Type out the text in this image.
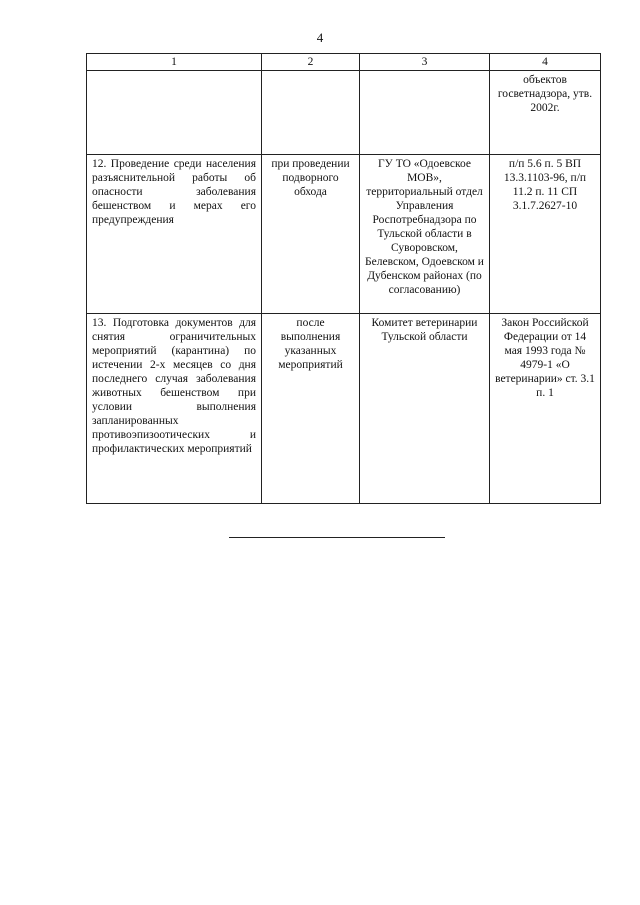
4
1	2	3	4
			объектов госветнадзора, утв. 2002г.
12. Проведение среди населения разъяснительной работы об опасности заболевания бешенством и мерах его предупреждения	при проведении подворного обхода	ГУ ТО «Одоевское МОВ», территориальный отдел Управления Роспотребнадзора по Тульской области в Суворовском, Белевском, Одоевском и Дубенском районах (по согласованию)	п/п 5.6 п. 5 ВП 13.3.1103-96, п/п 11.2 п. 11 СП 3.1.7.2627-10
13. Подготовка документов для снятия ограничительных мероприятий (карантина) по истечении 2-х месяцев со дня последнего случая заболевания животных бешенством при условии выполнения запланированных противоэпизоотических и профилактических мероприятий	после выполнения указанных мероприятий	Комитет ветеринарии Тульской области	Закон Российской Федерации от 14 мая 1993 года № 4979-1 «О ветеринарии» ст. 3.1 п. 1
